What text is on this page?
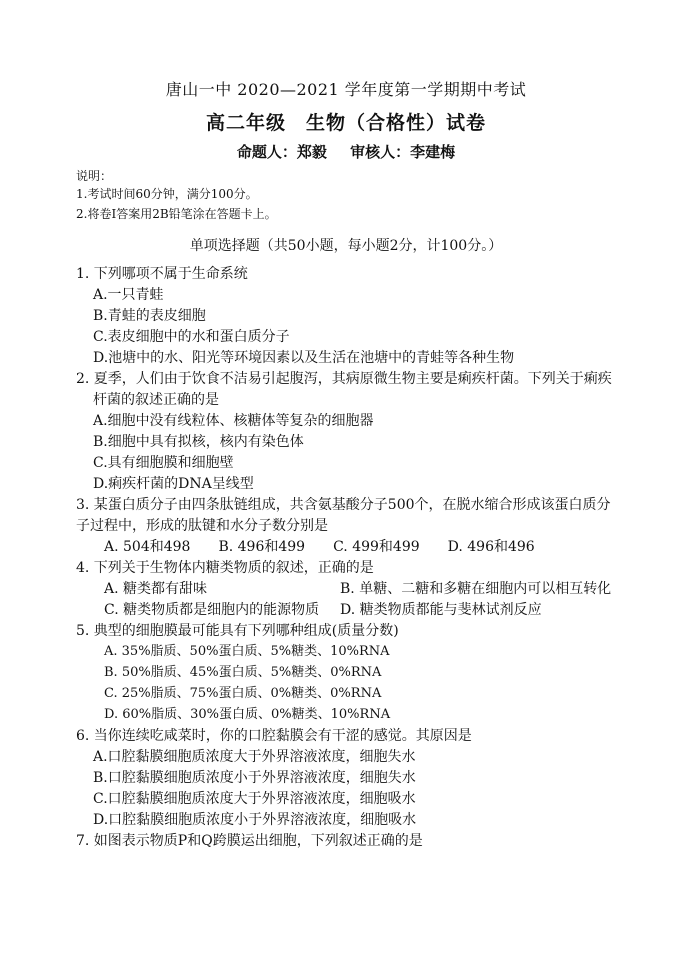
唐山一中 2020—2021 学年度第一学期期中考试
高二年级　生物（合格性）试卷
命题人：郑毅 审核人：李建梅
说明：
1.考试时间60分钟，满分100分。
2.将卷Ⅰ答案用2B铅笔涂在答题卡上。
单项选择题（共50小题，每小题2分，计100分。）
1. 下列哪项不属于生命系统
A.一只青蛙
B.青蛙的表皮细胞
C.表皮细胞中的水和蛋白质分子
D.池塘中的水、阳光等环境因素以及生活在池塘中的青蛙等各种生物
2. 夏季，人们由于饮食不洁易引起腹泻，其病原微生物主要是痢疾杆菌。下列关于痢疾
杆菌的叙述正确的是
A.细胞中没有线粒体、核糖体等复杂的细胞器
B.细胞中具有拟核，核内有染色体
C.具有细胞膜和细胞壁
D.痢疾杆菌的DNA呈线型
3. 某蛋白质分子由四条肽链组成，共含氨基酸分子500个，在脱水缩合形成该蛋白质分
子过程中，形成的肽键和水分子数分别是
A. 504和498　　B. 496和499　　C. 499和499　　D. 496和496
4. 下列关于生物体内糖类物质的叙述，正确的是
A. 糖类都有甜味	B. 单糖、二糖和多糖在细胞内可以相互转化
C. 糖类物质都是细胞内的能源物质 D. 糖类物质都能与斐林试剂反应
5. 典型的细胞膜最可能具有下列哪种组成(质量分数)
A. 35%脂质、50%蛋白质、5%糖类、10%RNA
B. 50%脂质、45%蛋白质、5%糖类、0%RNA
C. 25%脂质、75%蛋白质、0%糖类、0%RNA
D. 60%脂质、30%蛋白质、0%糖类、10%RNA
6. 当你连续吃咸菜时，你的口腔黏膜会有干涩的感觉。其原因是
A.口腔黏膜细胞质浓度大于外界溶液浓度，细胞失水
B.口腔黏膜细胞质浓度小于外界溶液浓度，细胞失水
C.口腔黏膜细胞质浓度大于外界溶液浓度，细胞吸水
D.口腔黏膜细胞质浓度小于外界溶液浓度，细胞吸水
7. 如图表示物质P和Q跨膜运出细胞，下列叙述正确的是
